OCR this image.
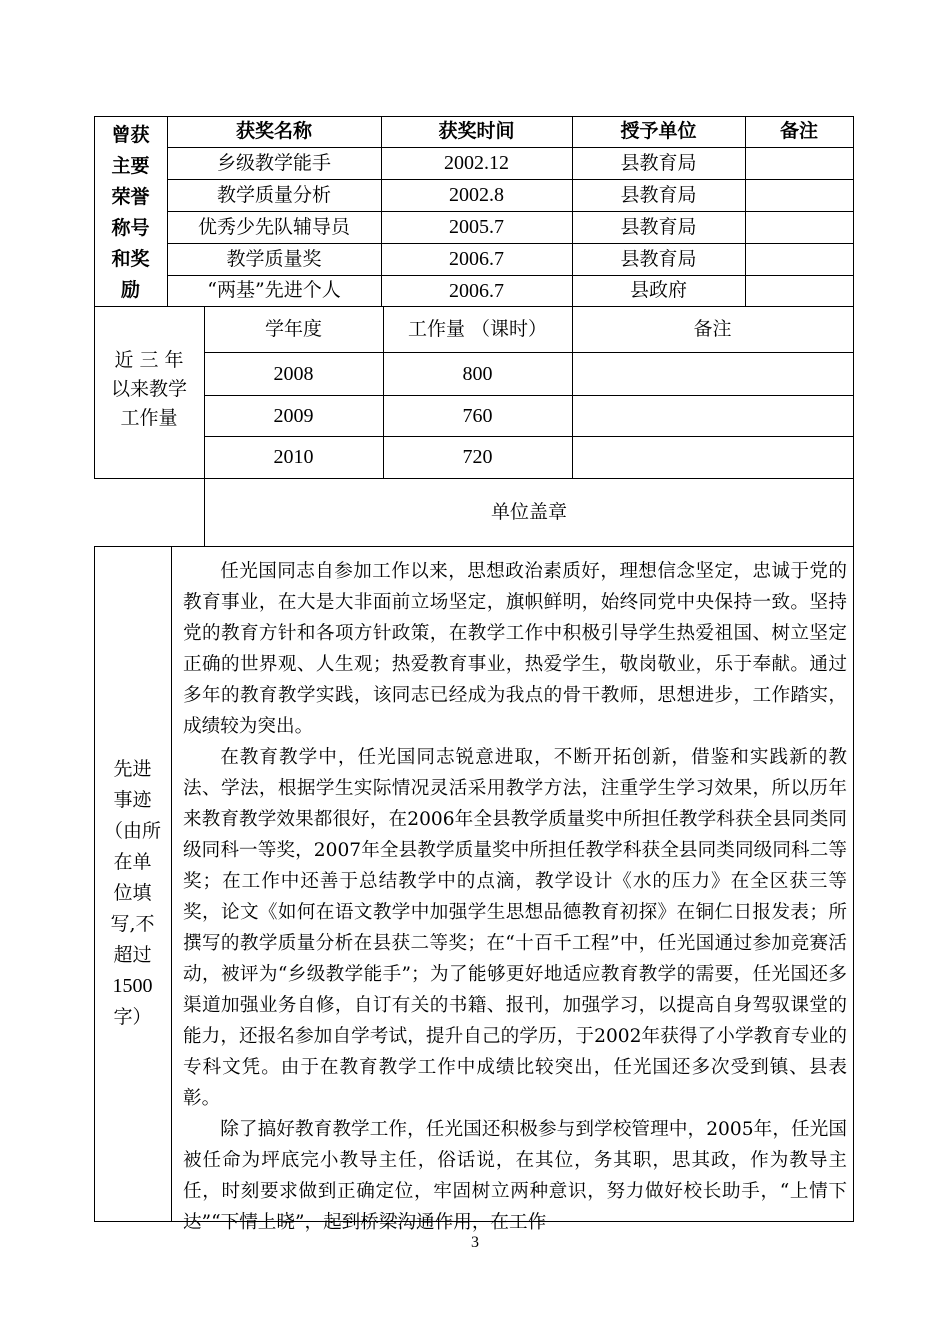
曾获
主要
荣誉
称号
和奖
励
获奖名称	获奖时间	授予单位	备注
乡级教学能手	2002.12	县教育局
教学质量分析	2002.8	县教育局
优秀少先队辅导员	2005.7	县教育局
教学质量奖	2006.7	县教育局
“两基”先进个人	2006.7	县政府
近 三 年
以来教学
工作量
学年度	工作量 （课时）	备注
2008	800
2009	760
2010	720
单位盖章
先进
事迹
（由所
在单
位填
写,不
超过
1500
字）

任光国同志自参加工作以来，思想政治素质好，理想信念坚定，忠诚于党的教育事业，在大是大非面前立场坚定，旗帜鲜明，始终同党中央保持一致。坚持党的教育方针和各项方针政策，在教学工作中积极引导学生热爱祖国、树立坚定正确的世界观、人生观；热爱教育事业，热爱学生，敬岗敬业，乐于奉献。通过多年的教育教学实践，该同志已经成为我点的骨干教师，思想进步，工作踏实，成绩较为突出。

在教育教学中，任光国同志锐意进取，不断开拓创新，借鉴和实践新的教法、学法，根据学生实际情况灵活采用教学方法，注重学生学习效果，所以历年来教育教学效果都很好，在2006年全县教学质量奖中所担任教学科获全县同类同级同科一等奖，2007年全县教学质量奖中所担任教学科获全县同类同级同科二等奖；在工作中还善于总结教学中的点滴，教学设计《水的压力》在全区获三等奖，论文《如何在语文教学中加强学生思想品德教育初探》在铜仁日报发表；所撰写的教学质量分析在县获二等奖；在“十百千工程”中，任光国通过参加竞赛活动，被评为“乡级教学能手”；为了能够更好地适应教育教学的需要，任光国还多渠道加强业务自修，自订有关的书籍、报刊，加强学习，以提高自身驾驭课堂的能力，还报名参加自学考试，提升自己的学历，于2002年获得了小学教育专业的专科文凭。由于在教育教学工作中成绩比较突出，任光国还多次受到镇、县表彰。

除了搞好教育教学工作，任光国还积极参与到学校管理中，2005年，任光国被任命为坪底完小教导主任，俗话说，在其位，务其职，思其政，作为教导主任，时刻要求做到正确定位，牢固树立两种意识，努力做好校长助手，“上情下达”“下情上晓”，起到桥梁沟通作用，在工作

3
